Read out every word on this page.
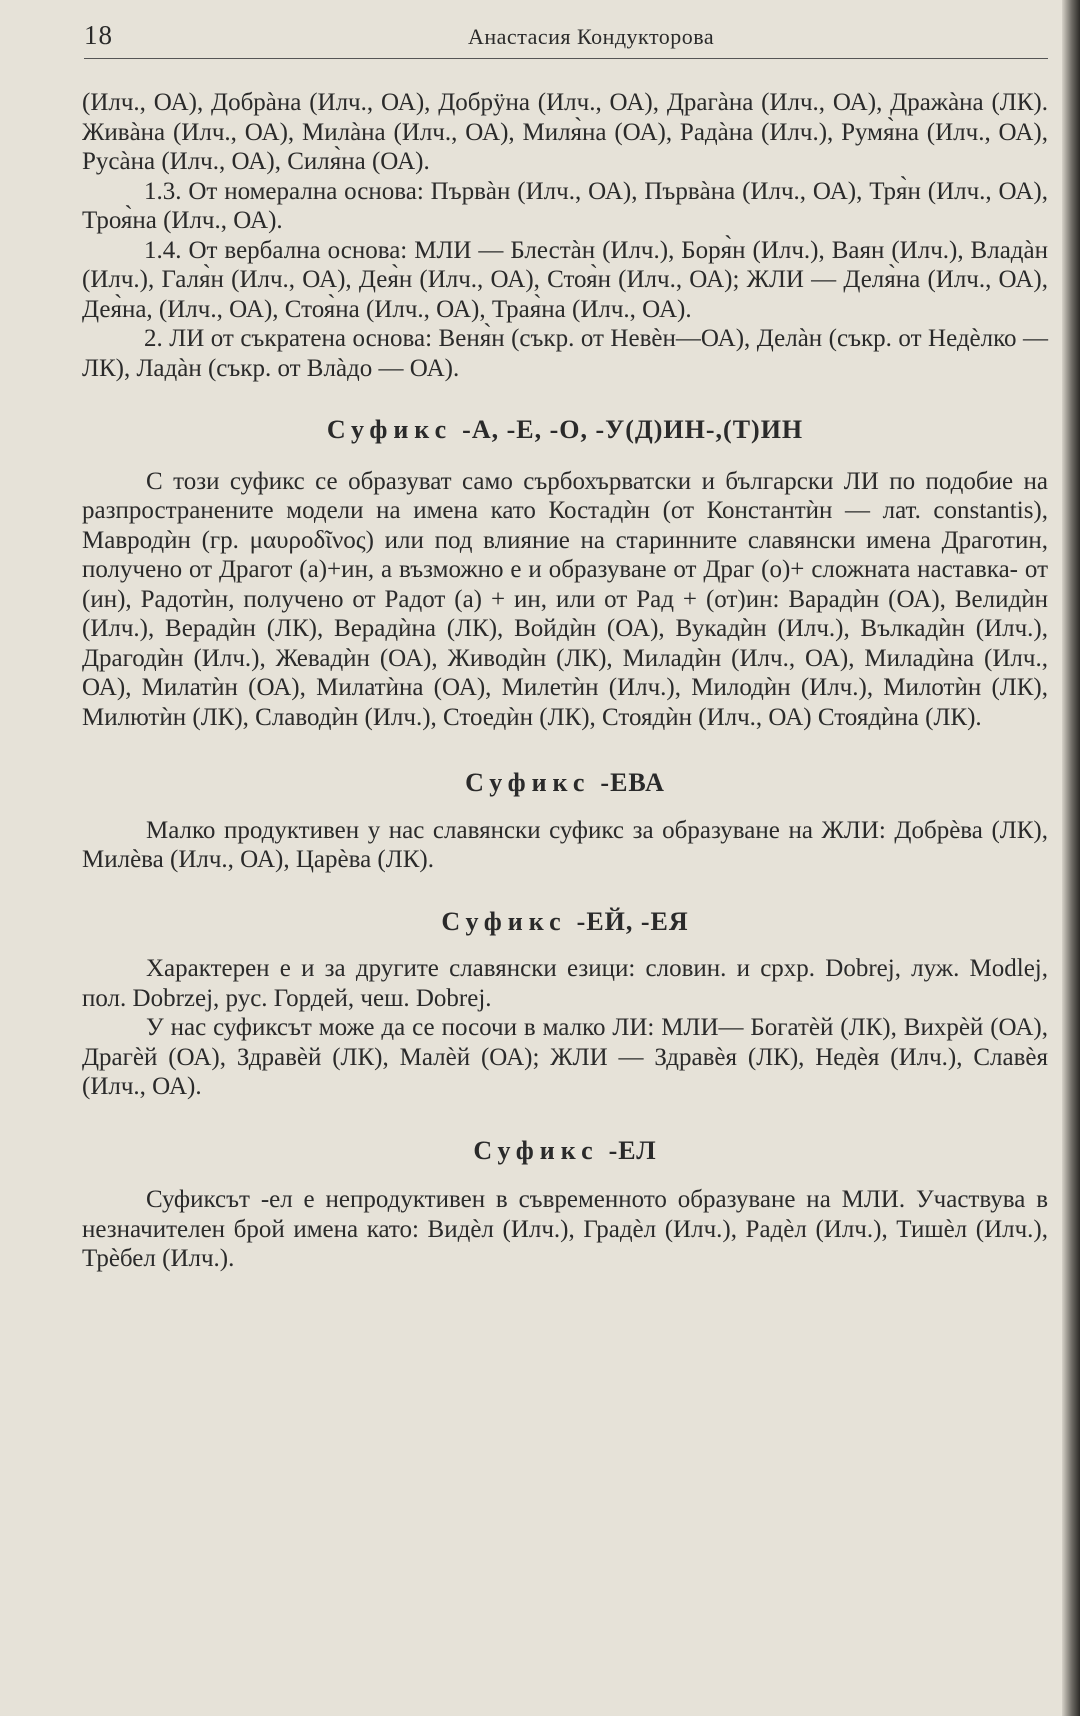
18	Анастасия Кондукторова

(Илч., ОА), Добрàна (Илч., ОА), Добрÿна (Илч., ОА), Драгàна (Илч., ОА), Дражàна (ЛК). Живàна (Илч., ОА), Милàна (Илч., ОА), Миля̀на (ОА), Радàна (Илч.), Румя̀на (Илч., ОА), Русàна (Илч., ОА), Силя̀на (ОА).

1.3. От номерална основа: Първàн (Илч., ОА), Първàна (Илч., ОА), Тря̀н (Илч., ОА), Троя̀на (Илч., ОА).

1.4. От вербална основа: МЛИ — Блестàн (Илч.), Боря̀н (Илч.), Ваян (Илч.), Владàн (Илч.), Галя̀н (Илч., ОА), Дея̀н (Илч., ОА), Стоя̀н (Илч., ОА); ЖЛИ — Деля̀на (Илч., ОА), Дея̀на, (Илч., ОА), Стоя̀на (Илч., ОА), Трая̀на (Илч., ОА).

2. ЛИ от съкратена основа: Веня̀н (съкр. от Невèн—ОА), Делàн (съкр. от Недèлко — ЛК), Ладàн (съкр. от Влàдо — ОА).

Суфикс -А, -Е, -О, -У(Д)ИН-,(Т)ИН

С този суфикс се образуват само сърбохърватски и български ЛИ по подобие на разпространените модели на имена като Костадѝн (от Константѝн — лат. constantis), Мавродѝн (гр. μαυροδῖνος) или под влияние на старинните славянски имена Драготин, получено от Драгот (а)+ин, а възможно е и образуване от Драг (о)+ сложната наставка- от (ин), Радотѝн, получено от Радот (а) + ин, или от Рад + (от)ин: Варадѝн (ОА), Велидѝн (Илч.), Верадѝн (ЛК), Верадѝна (ЛК), Войдѝн (ОА), Вукадѝн (Илч.), Вълкадѝн (Илч.), Драгодѝн (Илч.), Жевадѝн (ОА), Живодѝн (ЛК), Миладѝн (Илч., ОА), Миладѝна (Илч., ОА), Милатѝн (ОА), Милатѝна (ОА), Милетѝн (Илч.), Милодѝн (Илч.), Милотѝн (ЛК), Милютѝн (ЛК), Славодѝн (Илч.), Стоедѝн (ЛК), Стоядѝн (Илч., ОА) Стоядѝна (ЛК).

Суфикс -ЕВА

Малко продуктивен у нас славянски суфикс за образуване на ЖЛИ: Добрèва (ЛК), Милèва (Илч., ОА), Царèва (ЛК).

Суфикс -ЕЙ, -ЕЯ

Характерен е и за другите славянски езици: словин. и срхр. Dobrej, луж. Modlej, пол. Dobrzej, рус. Гордей, чеш. Dobrej.

У нас суфиксът може да се посочи в малко ЛИ: МЛИ— Богатèй (ЛК), Вихрèй (ОА), Драгèй (ОА), Здравèй (ЛК), Малèй (ОА); ЖЛИ — Здравèя (ЛК), Недèя (Илч.), Славèя (Илч., ОА).

Суфикс -ЕЛ

Суфиксът -ел е непродуктивен в съвременното образуване на МЛИ. Участвува в незначителен брой имена като: Видèл (Илч.), Градèл (Илч.), Радèл (Илч.), Тишèл (Илч.), Трèбел (Илч.).
